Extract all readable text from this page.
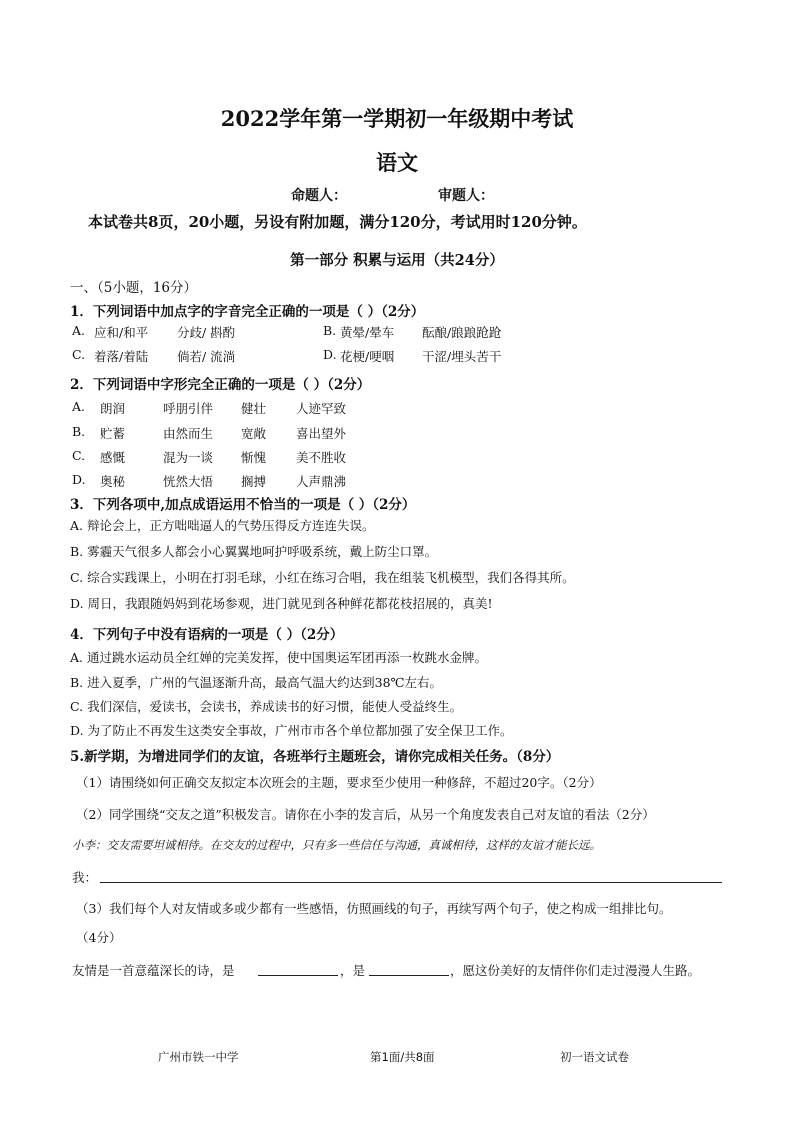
2022学年第一学期初一年级期中考试
语文
命题人：	审题人：
本试卷共8页，20小题，另设有附加题，满分120分，考试用时120分钟。
第一部分 积累与运用（共24分）
一、（5小题，16分）
1．下列词语中加点字的字音完全正确的一项是（ ）（2分）
A. 应和/和平 分歧/ 斟酌	B. 黄晕/晕车 酝酿/踉踉跄跄
C. 着落/着陆 倘若/ 流淌	D. 花梗/哽咽 干涩/埋头苦干
2．下列词语中字形完全正确的一项是（ ）（2分）
A. 朗润	呼朋引伴 健壮 人迹罕致
B. 贮蓄	由然而生 宽敞 喜出望外
C. 感慨	混为一谈 惭愧 美不胜收
D. 奥秘	恍然大悟 搁搏 人声鼎沸
3．下列各项中,加点成语运用不恰当的一项是（ ）（2分）
A. 辩论会上，正方咄咄逼人的气势压得反方连连失误。
B. 雾霾天气很多人都会小心翼翼地呵护呼吸系统，戴上防尘口罩。
C. 综合实践课上，小明在打羽毛球，小红在练习合唱，我在组装飞机模型，我们各得其所。
D. 周日，我跟随妈妈到花场参观，进门就见到各种鲜花都花枝招展的，真美!
4．下列句子中没有语病的一项是（ ）（2分）
A. 通过跳水运动员全红婵的完美发挥，使中国奥运军团再添一枚跳水金牌。
B. 进入夏季，广州的气温逐渐升高，最高气温大约达到38℃左右。
C. 我们深信，爱读书，会读书，养成读书的好习惯，能使人受益终生。
D. 为了防止不再发生这类安全事故，广州市市各个单位都加强了安全保卫工作。
5.新学期，为增进同学们的友谊，各班举行主题班会，请你完成相关任务。（8分）
（1）请围绕如何正确交友拟定本次班会的主题，要求至少使用一种修辞，不超过20字。（2分）
（2）同学围绕“交友之道”积极发言。请你在小李的发言后，从另一个角度发表自己对友谊的看法（2分）
小李：交友需要坦诚相待。在交友的过程中，只有多一些信任与沟通，真诚相待，这样的友谊才能长远。
我：
（3）我们每个人对友情或多或少都有一些感悟，仿照画线的句子，再续写两个句子，使之构成一组排比句。
（4分）
友情是一首意蕴深长的诗，是	，是	，愿这份美好的友情伴你们走过漫漫人生路。
广州市铁一中学	第1面/共8面	初一语文试卷
